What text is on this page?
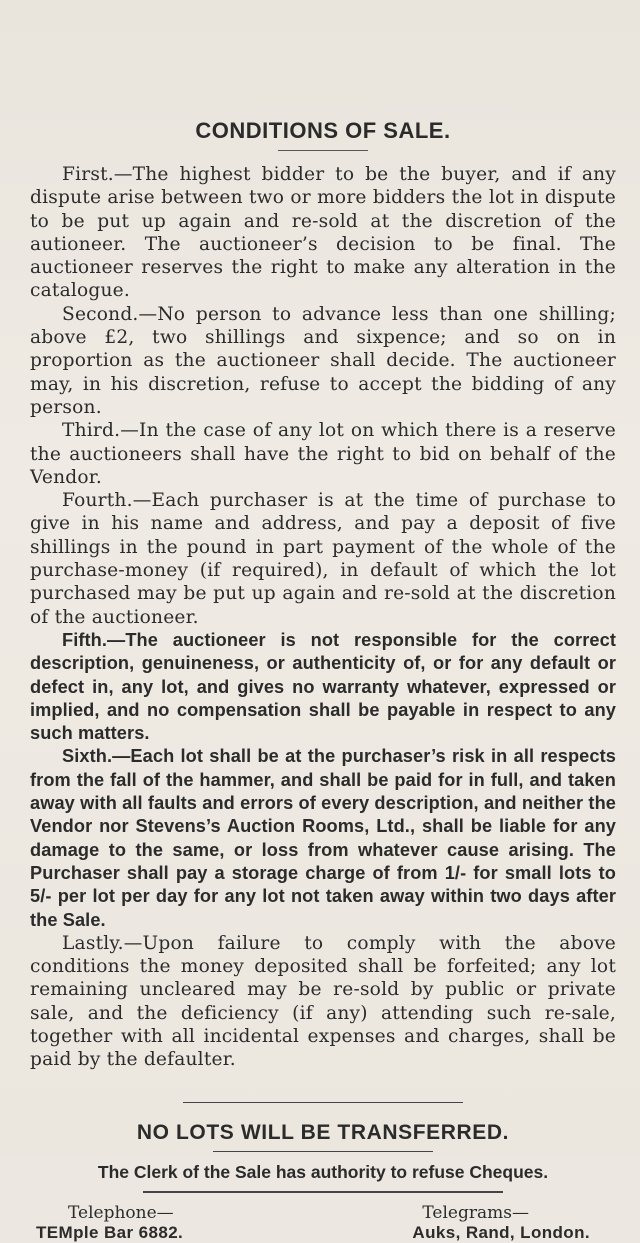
CONDITIONS OF SALE.

First.—The highest bidder to be the buyer, and if any dispute arise between two or more bidders the lot in dispute to be put up again and re-sold at the discretion of the autioneer. The auctioneer’s decision to be final. The auctioneer reserves the right to make any alteration in the catalogue.

Second.—No person to advance less than one shilling; above £2, two shillings and sixpence; and so on in proportion as the auctioneer shall decide. The auctioneer may, in his discretion, refuse to accept the bidding of any person.

Third.—In the case of any lot on which there is a reserve the auctioneers shall have the right to bid on behalf of the Vendor.

Fourth.—Each purchaser is at the time of purchase to give in his name and address, and pay a deposit of five shillings in the pound in part payment of the whole of the purchase-money (if required), in default of which the lot purchased may be put up again and re-sold at the discretion of the auctioneer.

Fifth.—The auctioneer is not responsible for the correct description, genuineness, or authenticity of, or for any default or defect in, any lot, and gives no warranty whatever, expressed or implied, and no compensation shall be payable in respect to any such matters.

Sixth.—Each lot shall be at the purchaser’s risk in all respects from the fall of the hammer, and shall be paid for in full, and taken away with all faults and errors of every description, and neither the Vendor nor Stevens’s Auction Rooms, Ltd., shall be liable for any damage to the same, or loss from whatever cause arising. The Purchaser shall pay a storage charge of from 1/- for small lots to 5/- per lot per day for any lot not taken away within two days after the Sale.

Lastly.—Upon failure to comply with the above conditions the money deposited shall be forfeited; any lot remaining uncleared may be re-sold by public or private sale, and the deficiency (if any) attending such re-sale, together with all incidental expenses and charges, shall be paid by the defaulter.

NO LOTS WILL BE TRANSFERRED.
The Clerk of the Sale has authority to refuse Cheques.
Telephone—
TEMple Bar 6882.
Telegrams—
Auks, Rand, London.
